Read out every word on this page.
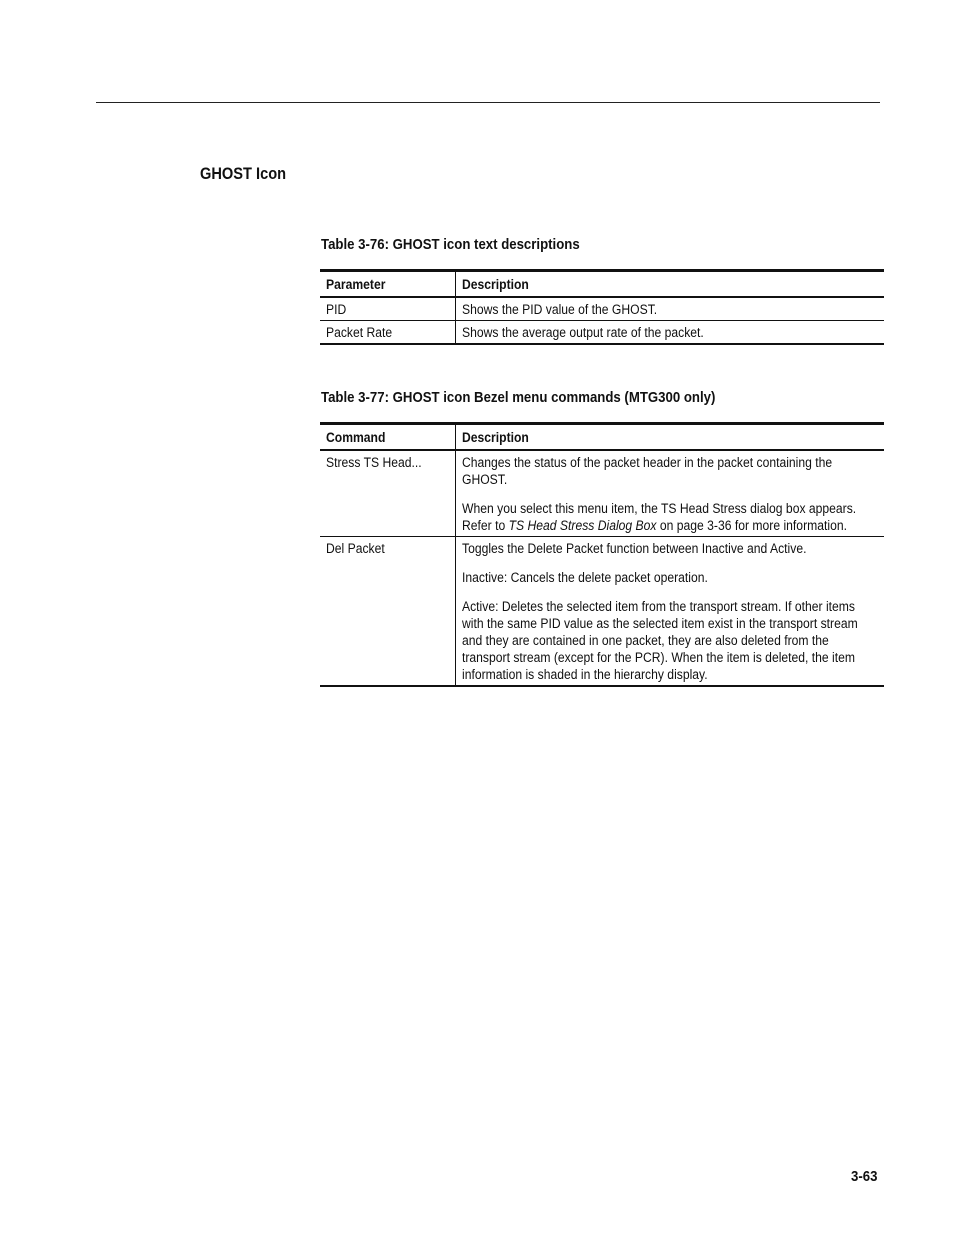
GHOST Icon
Table 3-76: GHOST icon text descriptions
Parameter	Description
PID	Shows the PID value of the GHOST.
Packet Rate	Shows the average output rate of the packet.
Table 3-77: GHOST icon Bezel menu commands (MTG300 only)
Command	Description
Stress TS Head...	Changes the status of the packet header in the packet containing the GHOST.
When you select this menu item, the TS Head Stress dialog box appears. Refer to TS Head Stress Dialog Box on page 3-36 for more information.

Del Packet	Toggles the Delete Packet function between Inactive and Active.
Inactive: Cancels the delete packet operation.
Active: Deletes the selected item from the transport stream. If other items with the same PID value as the selected item exist in the transport stream and they are contained in one packet, they are also deleted from the transport stream (except for the PCR). When the item is deleted, the item information is shaded in the hierarchy display.
3-63
